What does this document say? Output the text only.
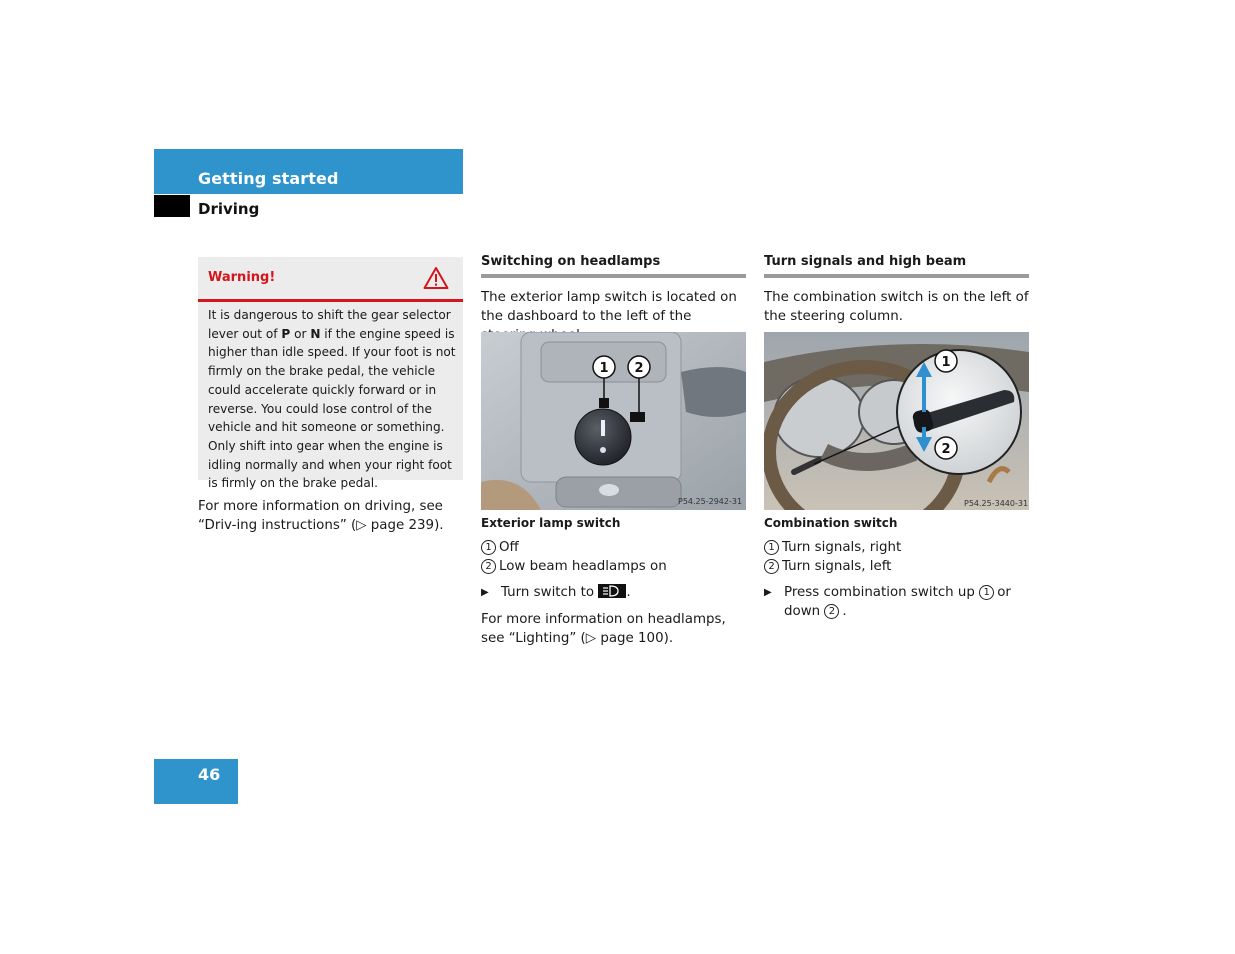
Getting started
Driving
Warning!
It is dangerous to shift the gear selector lever out of P or N if the engine speed is higher than idle speed. If your foot is not firmly on the brake pedal, the vehicle could accelerate quickly forward or in reverse. You could lose control of the vehicle and hit someone or something. Only shift into gear when the engine is idling normally and when your right foot is firmly on the brake pedal.
For more information on driving, see “Driv-ing instructions” (▷ page 239).
Switching on headlamps
The exterior lamp switch is located on the dashboard to the left of the
1 2
P54.25-2942-31
Exterior lamp switch
1 Off
2 Low beam headlamps on
▶ Turn switch to .
For more information on headlamps, see “Lighting” (▷ page 100).
Turn signals and high beam
The combination switch is on the left of the steering column.
1
2
P54.25-3440-31
Combination switch
1 Turn signals, right
2 Turn signals, left
▶ Press combination switch up 1 or
down 2 .
46
